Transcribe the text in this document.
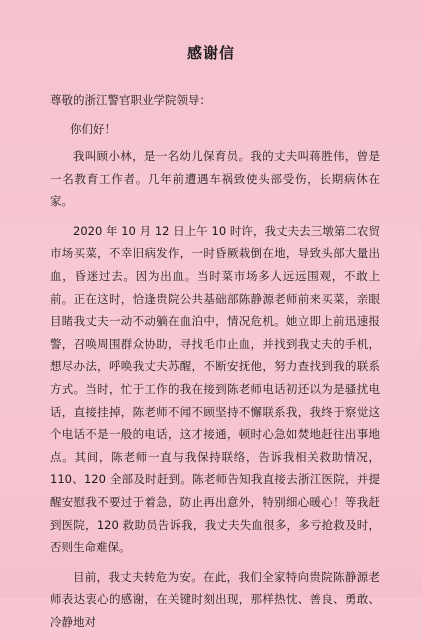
感谢信
尊敬的浙江警官职业学院领导：
你们好！

我叫顾小林，是一名幼儿保育员。我的丈夫叫蒋胜伟，曾是一名教育工作者。几年前遭遇车祸致使头部受伤，长期病休在家。

2020 年 10 月 12 日上午 10 时许，我丈夫去三墩第二农贸市场买菜，不幸旧病发作，一时昏厥栽倒在地，导致头部大量出血，昏迷过去。因为出血。当时菜市场多人远远围观，不敢上前。正在这时，恰逢贵院公共基础部陈静源老师前来买菜，亲眼目睹我丈夫一动不动躺在血泊中，情况危机。她立即上前迅速报警，召唤周围群众协助，寻找毛巾止血，并找到我丈夫的手机，想尽办法，呼唤我丈夫苏醒，不断安抚他，努力查找到我的联系方式。当时，忙于工作的我在接到陈老师电话初还以为是骚扰电话，直接挂掉，陈老师不闻不顾坚持不懈联系我，我终于察觉这个电话不是一般的电话，这才接通，顿时心急如焚地赶往出事地点。其间，陈老师一直与我保持联络，告诉我相关救助情况，110、120 全部及时赶到。陈老师告知我直接去浙江医院，并提醒安慰我不要过于着急，防止再出意外，特别细心暖心！等我赶到医院，120 救助员告诉我，我丈夫失血很多，多亏抢救及时，否则生命难保。

目前，我丈夫转危为安。在此，我们全家特向贵院陈静源老师表达衷心的感谢，在关键时刻出现，那样热忱、善良、勇敢、冷静地对
